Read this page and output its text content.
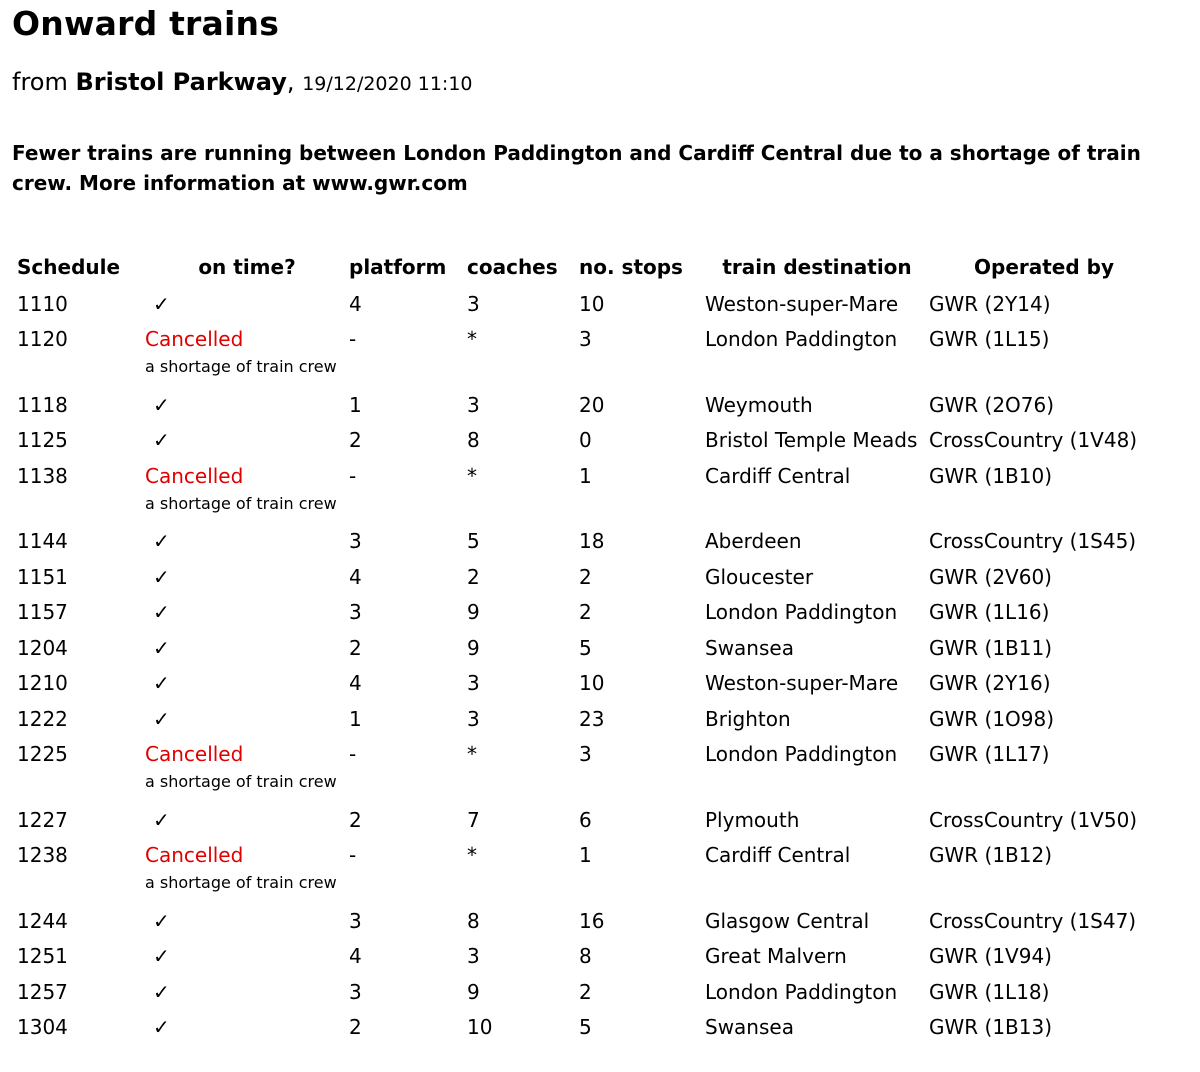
Onward trains
from Bristol Parkway, 19/12/2020 11:10
Fewer trains are running between London Paddington and Cardiff Central due to a shortage of train crew. More information at www.gwr.com
Schedule	on time?	platform	coaches	no. stops	train destination	Operated by
1110	✓	4	3	10	Weston-super-Mare	GWR (2Y14)
1120	Cancelled	-	*	3	London Paddington	GWR (1L15)
	a shortage of train crew					
1118	✓	1	3	20	Weymouth	GWR (2O76)
1125	✓	2	8	0	Bristol Temple Meads	CrossCountry (1V48)
1138	Cancelled	-	*	1	Cardiff Central	GWR (1B10)
	a shortage of train crew					
1144	✓	3	5	18	Aberdeen	CrossCountry (1S45)
1151	✓	4	2	2	Gloucester	GWR (2V60)
1157	✓	3	9	2	London Paddington	GWR (1L16)
1204	✓	2	9	5	Swansea	GWR (1B11)
1210	✓	4	3	10	Weston-super-Mare	GWR (2Y16)
1222	✓	1	3	23	Brighton	GWR (1O98)
1225	Cancelled	-	*	3	London Paddington	GWR (1L17)
	a shortage of train crew					
1227	✓	2	7	6	Plymouth	CrossCountry (1V50)
1238	Cancelled	-	*	1	Cardiff Central	GWR (1B12)
	a shortage of train crew					
1244	✓	3	8	16	Glasgow Central	CrossCountry (1S47)
1251	✓	4	3	8	Great Malvern	GWR (1V94)
1257	✓	3	9	2	London Paddington	GWR (1L18)
1304	✓	2	10	5	Swansea	GWR (1B13)
